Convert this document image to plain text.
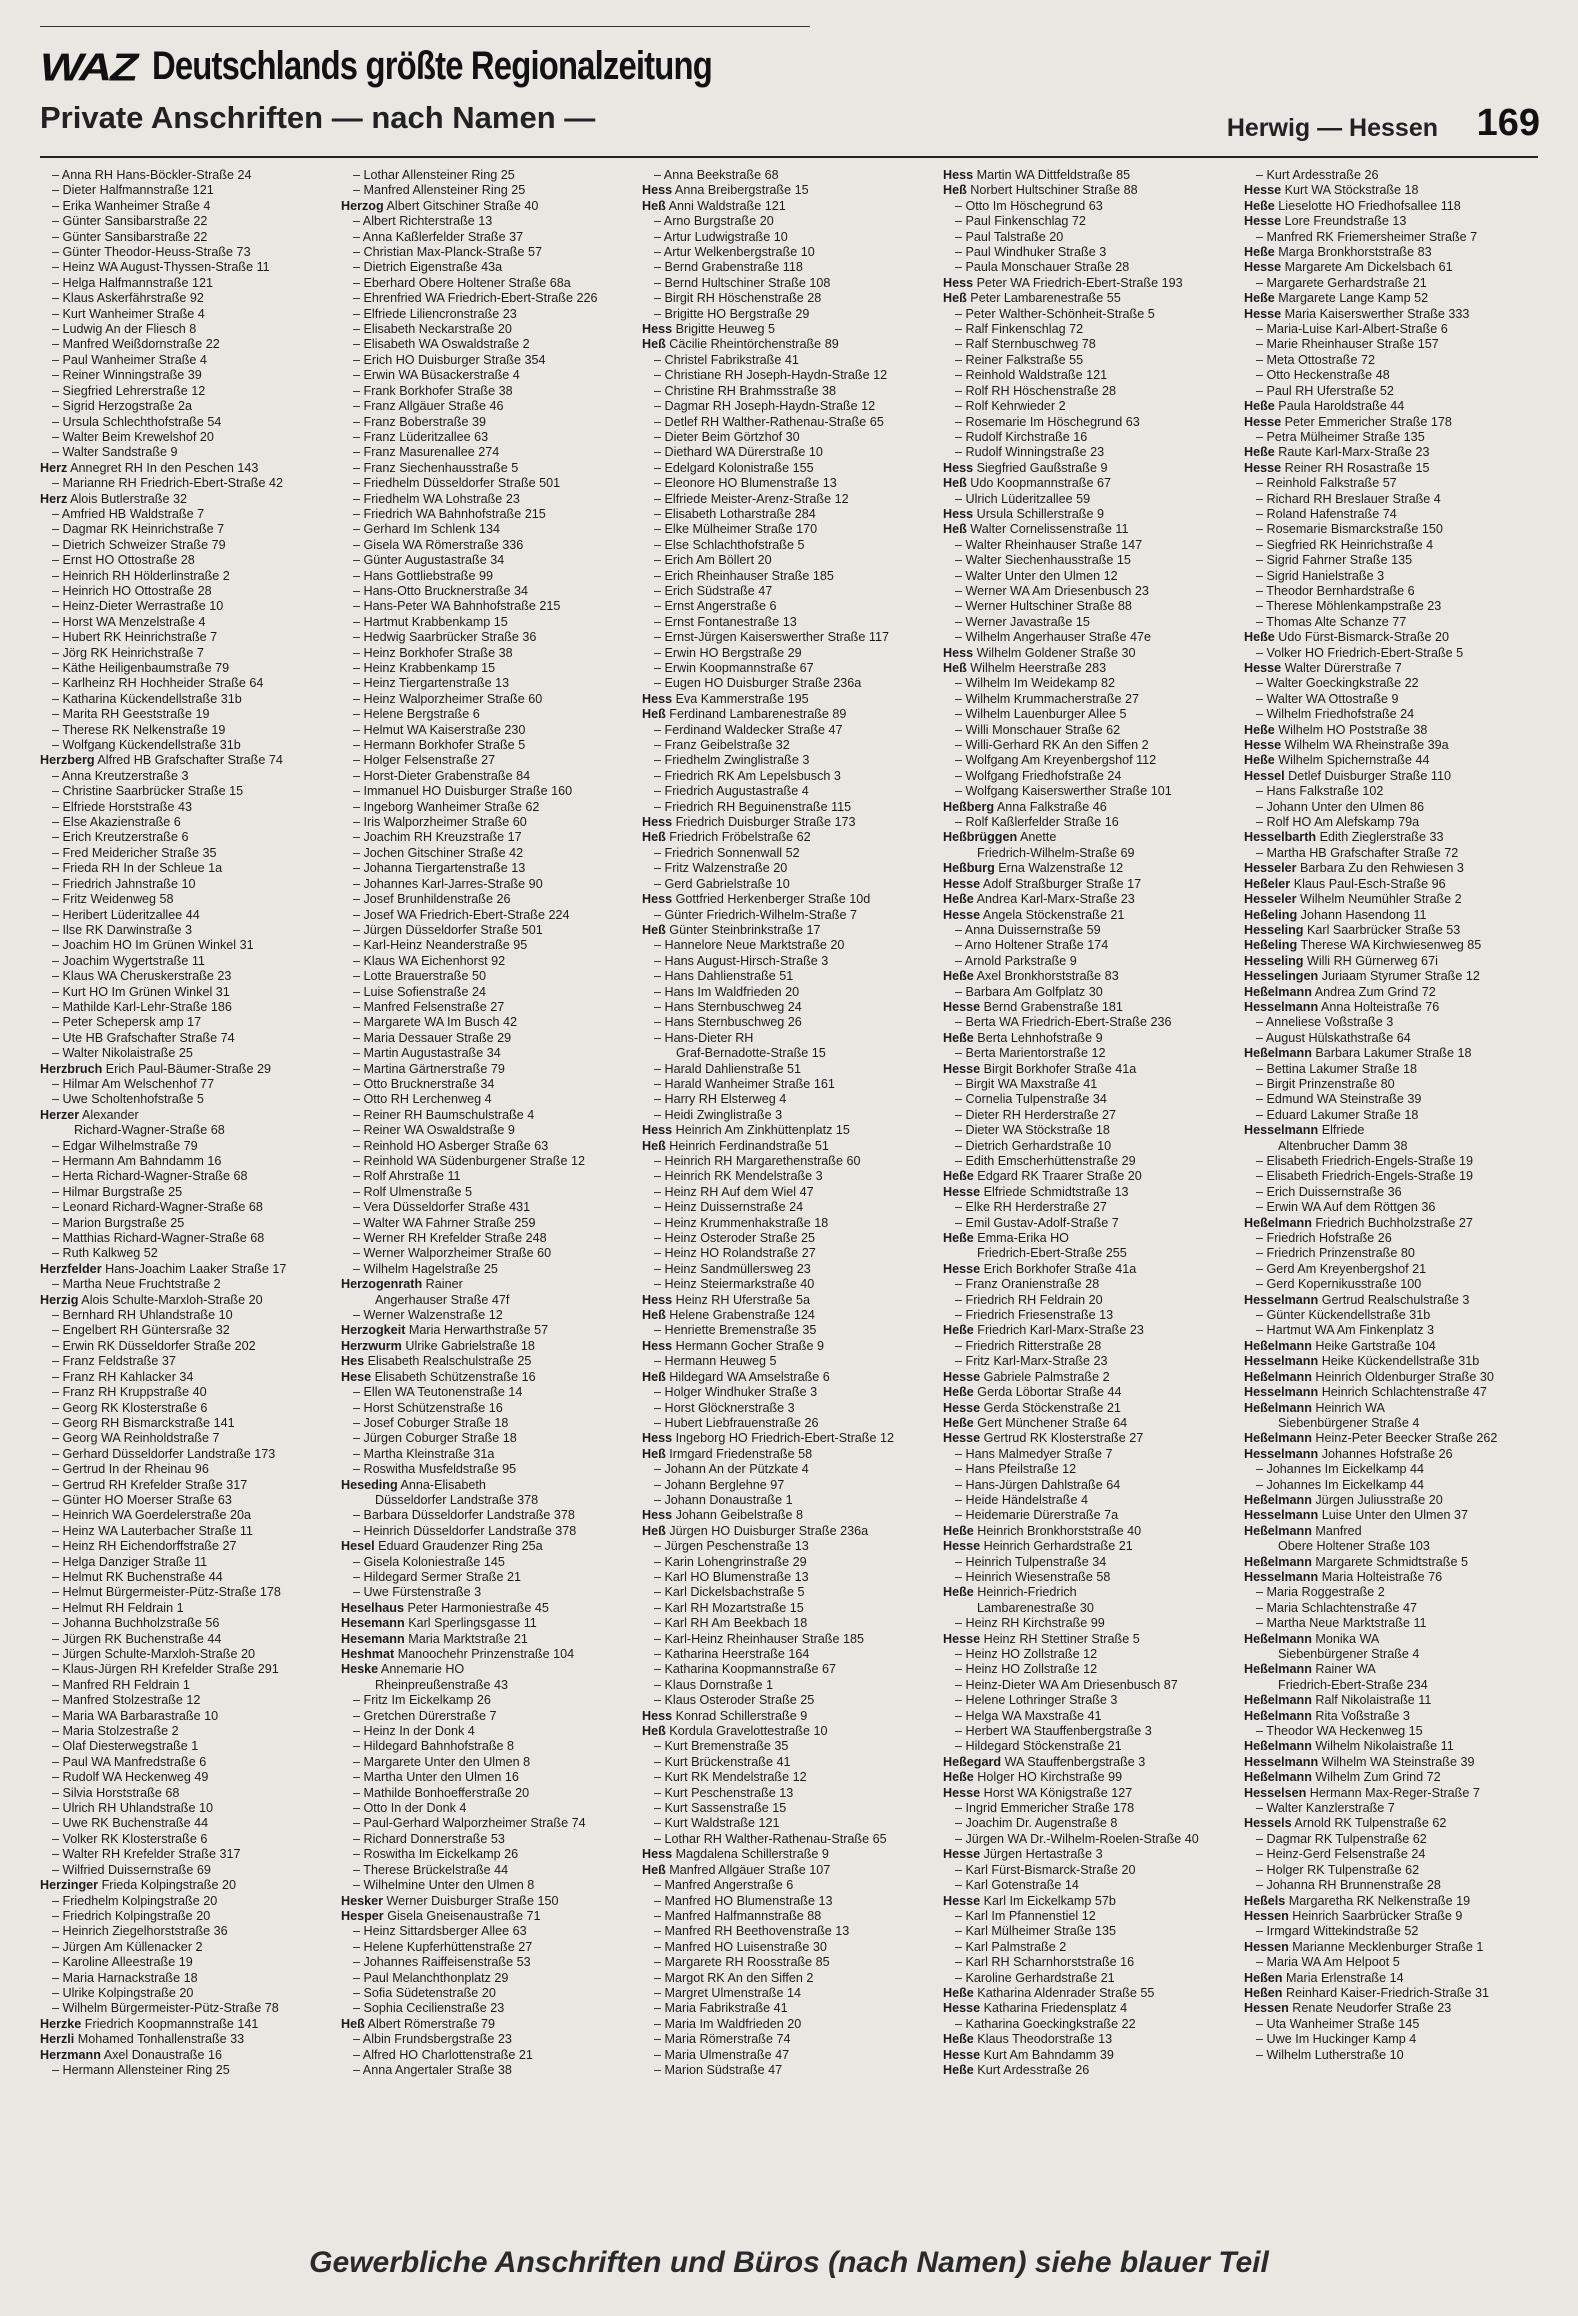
WAZ Deutschlands größte Regionalzeitung
Private Anschriften — nach Namen —	Herwig — Hessen 169
– Anna RH Hans-Böckler-Straße 24
– Dieter Halfmannstraße 121
– Erika Wanheimer Straße 4
– Günter Sansibarstraße 22
– Günter Sansibarstraße 22
– Günter Theodor-Heuss-Straße 73
– Heinz WA August-Thyssen-Straße 11
– Helga Halfmannstraße 121
– Klaus Askerfährstraße 92
– Kurt Wanheimer Straße 4
– Ludwig An der Fliesch 8
– Manfred Weißdornstraße 22
– Paul Wanheimer Straße 4
– Reiner Winningstraße 39
– Siegfried Lehrerstraße 12
– Sigrid Herzogstraße 2a
– Ursula Schlechthofstraße 54
– Walter Beim Krewelshof 20
– Walter Sandstraße 9
Herz Annegret RH In den Peschen 143
– Marianne RH Friedrich-Ebert-Straße 42
Herz Alois Butlerstraße 32
– Amfried HB Waldstraße 7
– Dagmar RK Heinrichstraße 7
– Dietrich Schweizer Straße 79
– Ernst HO Ottostraße 28
– Heinrich RH Hölderlinstraße 2
– Heinrich HO Ottostraße 28
– Heinz-Dieter Werrastraße 10
– Horst WA Menzelstraße 4
– Hubert RK Heinrichstraße 7
– Jörg RK Heinrichstraße 7
– Käthe Heiligenbaumstraße 79
– Karlheinz RH Hochheider Straße 64
– Katharina Kückendellstraße 31b
– Marita RH Geeststraße 19
– Therese RK Nelkenstraße 19
– Wolfgang Kückendellstraße 31b
Herzberg Alfred HB Grafschafter Straße 74
– Anna Kreutzerstraße 3
– Christine Saarbrücker Straße 15
– Elfriede Horststraße 43
– Else Akazienstraße 6
– Erich Kreutzerstraße 6
– Fred Meidericher Straße 35
– Frieda RH In der Schleue 1a
– Friedrich Jahnstraße 10
– Fritz Weidenweg 58
– Heribert Lüderitzallee 44
– Ilse RK Darwinstraße 3
– Joachim HO Im Grünen Winkel 31
– Joachim Wygertstraße 11
– Klaus WA Cheruskerstraße 23
– Kurt HO Im Grünen Winkel 31
– Mathilde Karl-Lehr-Straße 186
– Peter Schepersk amp 17
– Ute HB Grafschafter Straße 74
– Walter Nikolaistraße 25
Herzbruch Erich Paul-Bäumer-Straße 29
– Hilmar Am Welschenhof 77
– Uwe Scholtenhofstraße 5
Herzer Alexander
Richard-Wagner-Straße 68
– Edgar Wilhelmstraße 79
– Hermann Am Bahndamm 16
– Herta Richard-Wagner-Straße 68
– Hilmar Burgstraße 25
– Leonard Richard-Wagner-Straße 68
– Marion Burgstraße 25
– Matthias Richard-Wagner-Straße 68
– Ruth Kalkweg 52
Herzfelder Hans-Joachim Laaker Straße 17
– Martha Neue Fruchtstraße 2
Herzig Alois Schulte-Marxloh-Straße 20
– Bernhard RH Uhlandstraße 10
– Engelbert RH Güntersraße 32
– Erwin RK Düsseldorfer Straße 202
– Franz Feldstraße 37
– Franz RH Kahlacker 34
– Franz RH Kruppstraße 40
– Georg RK Klosterstraße 6
– Georg RH Bismarckstraße 141
– Georg WA Reinholdstraße 7
– Gerhard Düsseldorfer Landstraße 173
– Gertrud In der Rheinau 96
– Gertrud RH Krefelder Straße 317
– Günter HO Moerser Straße 63
– Heinrich WA Goerdelerstraße 20a
– Heinz WA Lauterbacher Straße 11
– Heinz RH Eichendorffstraße 27
– Helga Danziger Straße 11
– Helmut RK Buchenstraße 44
– Helmut Bürgermeister-Pütz-Straße 178
– Helmut RH Feldrain 1
– Johanna Buchholzstraße 56
– Jürgen RK Buchenstraße 44
– Jürgen Schulte-Marxloh-Straße 20
– Klaus-Jürgen RH Krefelder Straße 291
– Manfred RH Feldrain 1
– Manfred Stolzestraße 12
– Maria WA Barbarastraße 10
– Maria Stolzestraße 2
– Olaf Diesterwegstraße 1
– Paul WA Manfredstraße 6
– Rudolf WA Heckenweg 49
– Silvia Horststraße 68
– Ulrich RH Uhlandstraße 10
– Uwe RK Buchenstraße 44
– Volker RK Klosterstraße 6
– Walter RH Krefelder Straße 317
– Wilfried Duissernstraße 69
Herzinger Frieda Kolpingstraße 20
– Friedhelm Kolpingstraße 20
– Friedrich Kolpingstraße 20
– Heinrich Ziegelhorststraße 36
– Jürgen Am Küllenacker 2
– Karoline Alleestraße 19
– Maria Harnackstraße 18
– Ulrike Kolpingstraße 20
– Wilhelm Bürgermeister-Pütz-Straße 78
Herzke Friedrich Koopmannstraße 141
Herzli Mohamed Tonhallenstraße 33
Herzmann Axel Donaustraße 16
– Hermann Allensteiner Ring 25
– Lothar Allensteiner Ring 25
– Manfred Allensteiner Ring 25
Herzog Albert Gitschiner Straße 40
– Albert Richterstraße 13
– Anna Kaßlerfelder Straße 37
– Christian Max-Planck-Straße 57
– Dietrich Eigenstraße 43a
– Eberhard Obere Holtener Straße 68a
– Ehrenfried WA Friedrich-Ebert-Straße 226
– Elfriede Liliencronstraße 23
– Elisabeth Neckarstraße 20
– Elisabeth WA Oswaldstraße 2
– Erich HO Duisburger Straße 354
– Erwin WA Büsackerstraße 4
– Frank Borkhofer Straße 38
– Franz Allgäuer Straße 46
– Franz Boberstraße 39
– Franz Lüderitzallee 63
– Franz Masurenallee 274
– Franz Siechenhausstraße 5
– Friedhelm Düsseldorfer Straße 501
– Friedhelm WA Lohstraße 23
– Friedrich WA Bahnhofstraße 215
– Gerhard Im Schlenk 134
– Gisela WA Römerstraße 336
– Günter Augustastraße 34
– Hans Gottliebstraße 99
– Hans-Otto Brucknerstraße 34
– Hans-Peter WA Bahnhofstraße 215
– Hartmut Krabbenkamp 15
– Hedwig Saarbrücker Straße 36
– Heinz Borkhofer Straße 38
– Heinz Krabbenkamp 15
– Heinz Tiergartenstraße 13
– Heinz Walporzheimer Straße 60
– Helene Bergstraße 6
– Helmut WA Kaiserstraße 230
– Hermann Borkhofer Straße 5
– Holger Felsenstraße 27
– Horst-Dieter Grabenstraße 84
– Immanuel HO Duisburger Straße 160
– Ingeborg Wanheimer Straße 62
– Iris Walporzheimer Straße 60
– Joachim RH Kreuzstraße 17
– Jochen Gitschiner Straße 42
– Johanna Tiergartenstraße 13
– Johannes Karl-Jarres-Straße 90
– Josef Brunhildenstraße 26
– Josef WA Friedrich-Ebert-Straße 224
– Jürgen Düsseldorfer Straße 501
– Karl-Heinz Neanderstraße 95
– Klaus WA Eichenhorst 92
– Lotte Brauerstraße 50
– Luise Sofienstraße 24
– Manfred Felsenstraße 27
– Margarete WA Im Busch 42
– Maria Dessauer Straße 29
– Martin Augustastraße 34
– Martina Gärtnerstraße 79
– Otto Brucknerstraße 34
– Otto RH Lerchenweg 4
– Reiner RH Baumschulstraße 4
– Reiner WA Oswaldstraße 9
– Reinhold HO Asberger Straße 63
– Reinhold WA Südenburgener Straße 12
– Rolf Ahrstraße 11
– Rolf Ulmenstraße 5
– Vera Düsseldorfer Straße 431
– Walter WA Fahrner Straße 259
– Werner RH Krefelder Straße 248
– Werner Walporzheimer Straße 60
– Wilhelm Hagelstraße 25
Herzogenrath Rainer
Angerhauser Straße 47f
– Werner Walzenstraße 12
Herzogkeit Maria Herwarthstraße 57
Herzwurm Ulrike Gabrielstraße 18
Hes Elisabeth Realschulstraße 25
Hese Elisabeth Schützenstraße 16
– Ellen WA Teutonenstraße 14
– Horst Schützenstraße 16
– Josef Coburger Straße 18
– Jürgen Coburger Straße 18
– Martha Kleinstraße 31a
– Roswitha Musfeldstraße 95
Heseding Anna-Elisabeth
Düsseldorfer Landstraße 378
– Barbara Düsseldorfer Landstraße 378
– Heinrich Düsseldorfer Landstraße 378
Hesel Eduard Graudenzer Ring 25a
– Gisela Koloniestraße 145
– Hildegard Sermer Straße 21
– Uwe Fürstenstraße 3
Heselhaus Peter Harmoniestraße 45
Hesemann Karl Sperlingsgasse 11
Hesemann Maria Marktstraße 21
Heshmat Manoochehr Prinzenstraße 104
Heske Annemarie HO
Rheinpreußenstraße 43
– Fritz Im Eickelkamp 26
– Gretchen Dürerstraße 7
– Heinz In der Donk 4
– Hildegard Bahnhofstraße 8
– Margarete Unter den Ulmen 8
– Martha Unter den Ulmen 16
– Mathilde Bonhoefferstraße 20
– Otto In der Donk 4
– Paul-Gerhard Walporzheimer Straße 74
– Richard Donnerstraße 53
– Roswitha Im Eickelkamp 26
– Therese Brückelstraße 44
– Wilhelmine Unter den Ulmen 8
Hesker Werner Duisburger Straße 150
Hesper Gisela Gneisenaustraße 71
– Heinz Sittardsberger Allee 63
– Helene Kupferhüttenstraße 27
– Johannes Raiffeisenstraße 53
– Paul Melanchthonplatz 29
– Sofia Südetenstraße 20
– Sophia Cecilienstraße 23
Heß Albert Römerstraße 79
– Albin Frundsbergstraße 23
– Alfred HO Charlottenstraße 21
– Anna Angertaler Straße 38
– Anna Beekstraße 68
Hess Anna Breibergstraße 15
Heß Anni Waldstraße 121
– Arno Burgstraße 20
– Artur Ludwigstraße 10
– Artur Welkenbergstraße 10
– Bernd Grabenstraße 118
– Bernd Hultschiner Straße 108
– Birgit RH Höschenstraße 28
– Brigitte HO Bergstraße 29
Hess Brigitte Heuweg 5
Heß Cäcilie Rheintörchenstraße 89
– Christel Fabrikstraße 41
– Christiane RH Joseph-Haydn-Straße 12
– Christine RH Brahmsstraße 38
– Dagmar RH Joseph-Haydn-Straße 12
– Detlef RH Walther-Rathenau-Straße 65
– Dieter Beim Görtzhof 30
– Diethard WA Dürerstraße 10
– Edelgard Kolonistraße 155
– Eleonore HO Blumenstraße 13
– Elfriede Meister-Arenz-Straße 12
– Elisabeth Lotharstraße 284
– Elke Mülheimer Straße 170
– Else Schlachthofstraße 5
– Erich Am Böllert 20
– Erich Rheinhauser Straße 185
– Erich Südstraße 47
– Ernst Angerstraße 6
– Ernst Fontanestraße 13
– Ernst-Jürgen Kaiserswerther Straße 117
– Erwin HO Bergstraße 29
– Erwin Koopmannstraße 67
– Eugen HO Duisburger Straße 236a
Hess Eva Kammerstraße 195
Heß Ferdinand Lambarenestraße 89
– Ferdinand Waldecker Straße 47
– Franz Geibelstraße 32
– Friedhelm Zwinglistraße 3
– Friedrich RK Am Lepelsbusch 3
– Friedrich Augustastraße 4
– Friedrich RH Beguinenstraße 115
Hess Friedrich Duisburger Straße 173
Heß Friedrich Fröbelstraße 62
– Friedrich Sonnenwall 52
– Fritz Walzenstraße 20
– Gerd Gabrielstraße 10
Hess Gottfried Herkenberger Straße 10d
– Günter Friedrich-Wilhelm-Straße 7
Heß Günter Steinbrinkstraße 17
– Hannelore Neue Marktstraße 20
– Hans August-Hirsch-Straße 3
– Hans Dahlienstraße 51
– Hans Im Waldfrieden 20
– Hans Sternbuschweg 24
– Hans Sternbuschweg 26
– Hans-Dieter RH
Graf-Bernadotte-Straße 15
– Harald Dahlienstraße 51
– Harald Wanheimer Straße 161
– Harry RH Elsterweg 4
– Heidi Zwinglistraße 3
Hess Heinrich Am Zinkhüttenplatz 15
Heß Heinrich Ferdinandstraße 51
– Heinrich RH Margarethenstraße 60
– Heinrich RK Mendelstraße 3
– Heinz RH Auf dem Wiel 47
– Heinz Duissernstraße 24
– Heinz Krummenhakstraße 18
– Heinz Osteroder Straße 25
– Heinz HO Rolandstraße 27
– Heinz Sandmüllersweg 23
– Heinz Steiermarkstraße 40
Hess Heinz RH Uferstraße 5a
Heß Helene Grabenstraße 124
– Henriette Bremenstraße 35
Hess Hermann Gocher Straße 9
– Hermann Heuweg 5
Heß Hildegard WA Amselstraße 6
– Holger Windhuker Straße 3
– Horst Glöcknerstraße 3
– Hubert Liebfrauenstraße 26
Hess Ingeborg HO Friedrich-Ebert-Straße 12
Heß Irmgard Friedenstraße 58
– Johann An der Pützkate 4
– Johann Berglehne 97
– Johann Donaustraße 1
Hess Johann Geibelstraße 8
Heß Jürgen HO Duisburger Straße 236a
– Jürgen Peschenstraße 13
– Karin Lohengrinstraße 29
– Karl HO Blumenstraße 13
– Karl Dickelsbachstraße 5
– Karl RH Mozartstraße 15
– Karl RH Am Beekbach 18
– Karl-Heinz Rheinhauser Straße 185
– Katharina Heerstraße 164
– Katharina Koopmannstraße 67
– Klaus Dornstraße 1
– Klaus Osteroder Straße 25
Hess Konrad Schillerstraße 9
Heß Kordula Gravelottestraße 10
– Kurt Bremenstraße 35
– Kurt Brückenstraße 41
– Kurt RK Mendelstraße 12
– Kurt Peschenstraße 13
– Kurt Sassenstraße 15
– Kurt Waldstraße 121
– Lothar RH Walther-Rathenau-Straße 65
Hess Magdalena Schillerstraße 9
Heß Manfred Allgäuer Straße 107
– Manfred Angerstraße 6
– Manfred HO Blumenstraße 13
– Manfred Halfmannstraße 88
– Manfred RH Beethovenstraße 13
– Manfred HO Luisenstraße 30
– Margarete RH Roosstraße 85
– Margot RK An den Siffen 2
– Margret Ulmenstraße 14
– Maria Fabrikstraße 41
– Maria Im Waldfrieden 20
– Maria Römerstraße 74
– Maria Ulmenstraße 47
– Marion Südstraße 47
Hess Martin WA Dittfeldstraße 85
Heß Norbert Hultschiner Straße 88
– Otto Im Höschegrund 63
– Paul Finkenschlag 72
– Paul Talstraße 20
– Paul Windhuker Straße 3
– Paula Monschauer Straße 28
Hess Peter WA Friedrich-Ebert-Straße 193
Heß Peter Lambarenestraße 55
– Peter Walther-Schönheit-Straße 5
– Ralf Finkenschlag 72
– Ralf Sternbuschweg 78
– Reiner Falkstraße 55
– Reinhold Waldstraße 121
– Rolf RH Höschenstraße 28
– Rolf Kehrwieder 2
– Rosemarie Im Höschegrund 63
– Rudolf Kirchstraße 16
– Rudolf Winningstraße 23
Hess Siegfried Gaußstraße 9
Heß Udo Koopmannstraße 67
– Ulrich Lüderitzallee 59
Hess Ursula Schillerstraße 9
Heß Walter Cornelissenstraße 11
– Walter Rheinhauser Straße 147
– Walter Siechenhausstraße 15
– Walter Unter den Ulmen 12
– Werner WA Am Driesenbusch 23
– Werner Hultschiner Straße 88
– Werner Javastraße 15
– Wilhelm Angerhauser Straße 47e
Hess Wilhelm Goldener Straße 30
Heß Wilhelm Heerstraße 283
– Wilhelm Im Weidekamp 82
– Wilhelm Krummacherstraße 27
– Wilhelm Lauenburger Allee 5
– Willi Monschauer Straße 62
– Willi-Gerhard RK An den Siffen 2
– Wolfgang Am Kreyenbergshof 112
– Wolfgang Friedhofstraße 24
– Wolfgang Kaiserswerther Straße 101
Heßberg Anna Falkstraße 46
– Rolf Kaßlerfelder Straße 16
Heßbrüggen Anette
Friedrich-Wilhelm-Straße 69
Heßburg Erna Walzenstraße 12
Hesse Adolf Straßburger Straße 17
Heße Andrea Karl-Marx-Straße 23
Hesse Angela Stöckenstraße 21
– Anna Duissernstraße 59
– Arno Holtener Straße 174
– Arnold Parkstraße 9
Heße Axel Bronkhorststraße 83
– Barbara Am Golfplatz 30
Hesse Bernd Grabenstraße 181
– Berta WA Friedrich-Ebert-Straße 236
Heße Berta Lehnhofstraße 9
– Berta Marientorstraße 12
Hesse Birgit Borkhofer Straße 41a
– Birgit WA Maxstraße 41
– Cornelia Tulpenstraße 34
– Dieter RH Herderstraße 27
– Dieter WA Stöckstraße 18
– Dietrich Gerhardstraße 10
– Edith Emscherhüttenstraße 29
Heße Edgard RK Traarer Straße 20
Hesse Elfriede Schmidtstraße 13
– Elke RH Herderstraße 27
– Emil Gustav-Adolf-Straße 7
Heße Emma-Erika HO
Friedrich-Ebert-Straße 255
Hesse Erich Borkhofer Straße 41a
– Franz Oranienstraße 28
– Friedrich RH Feldrain 20
– Friedrich Friesenstraße 13
Heße Friedrich Karl-Marx-Straße 23
– Friedrich Ritterstraße 28
– Fritz Karl-Marx-Straße 23
Hesse Gabriele Palmstraße 2
Heße Gerda Löbortar Straße 44
Hesse Gerda Stöckenstraße 21
Heße Gert Münchener Straße 64
Hesse Gertrud RK Klosterstraße 27
– Hans Malmedyer Straße 7
– Hans Pfeilstraße 12
– Hans-Jürgen Dahlstraße 64
– Heide Händelstraße 4
– Heidemarie Dürerstraße 7a
Heße Heinrich Bronkhorststraße 40
Hesse Heinrich Gerhardstraße 21
– Heinrich Tulpenstraße 34
– Heinrich Wiesenstraße 58
Heße Heinrich-Friedrich
Lambarenestraße 30
– Heinz RH Kirchstraße 99
Hesse Heinz RH Stettiner Straße 5
– Heinz HO Zollstraße 12
– Heinz HO Zollstraße 12
– Heinz-Dieter WA Am Driesenbusch 87
– Helene Lothringer Straße 3
– Helga WA Maxstraße 41
– Herbert WA Stauffenbergstraße 3
– Hildegard Stöckenstraße 21
Heßegard WA Stauffenbergstraße 3
Heße Holger HO Kirchstraße 99
Hesse Horst WA Königstraße 127
– Ingrid Emmericher Straße 178
– Joachim Dr. Augenstraße 8
– Jürgen WA Dr.-Wilhelm-Roelen-Straße 40
Hesse Jürgen Hertastraße 3
– Karl Fürst-Bismarck-Straße 20
– Karl Gotenstraße 14
Hesse Karl Im Eickelkamp 57b
– Karl Im Pfannenstiel 12
– Karl Mülheimer Straße 135
– Karl Palmstraße 2
– Karl RH Scharnhorststraße 16
– Karoline Gerhardstraße 21
Heße Katharina Aldenrader Straße 55
Hesse Katharina Friedensplatz 4
– Katharina Goeckingkstraße 22
Heße Klaus Theodorstraße 13
Hesse Kurt Am Bahndamm 39
Heße Kurt Ardesstraße 26
– Kurt Ardesstraße 26
Hesse Kurt WA Stöckstraße 18
Heße Lieselotte HO Friedhofsallee 118
Hesse Lore Freundstraße 13
– Manfred RK Friemersheimer Straße 7
Heße Marga Bronkhorststraße 83
Hesse Margarete Am Dickelsbach 61
– Margarete Gerhardstraße 21
Heße Margarete Lange Kamp 52
Hesse Maria Kaiserswerther Straße 333
– Maria-Luise Karl-Albert-Straße 6
– Marie Rheinhauser Straße 157
– Meta Ottostraße 72
– Otto Heckenstraße 48
– Paul RH Uferstraße 52
Heße Paula Haroldstraße 44
Hesse Peter Emmericher Straße 178
– Petra Mülheimer Straße 135
Heße Raute Karl-Marx-Straße 23
Hesse Reiner RH Rosastraße 15
– Reinhold Falkstraße 57
– Richard RH Breslauer Straße 4
– Roland Hafenstraße 74
– Rosemarie Bismarckstraße 150
– Siegfried RK Heinrichstraße 4
– Sigrid Fahrner Straße 135
– Sigrid Hanielstraße 3
– Theodor Bernhardstraße 6
– Therese Möhlenkampstraße 23
– Thomas Alte Schanze 77
Heße Udo Fürst-Bismarck-Straße 20
– Volker HO Friedrich-Ebert-Straße 5
Hesse Walter Dürerstraße 7
– Walter Goeckingkstraße 22
– Walter WA Ottostraße 9
– Wilhelm Friedhofstraße 24
Heße Wilhelm HO Poststraße 38
Hesse Wilhelm WA Rheinstraße 39a
Heße Wilhelm Spichernstraße 44
Hessel Detlef Duisburger Straße 110
– Hans Falkstraße 102
– Johann Unter den Ulmen 86
– Rolf HO Am Alefskamp 79a
Hesselbarth Edith Zieglerstraße 33
– Martha HB Grafschafter Straße 72
Hesseler Barbara Zu den Rehwiesen 3
Heßeler Klaus Paul-Esch-Straße 96
Hesseler Wilhelm Neumühler Straße 2
Heßeling Johann Hasendong 11
Hesseling Karl Saarbrücker Straße 53
Heßeling Therese WA Kirchwiesenweg 85
Hesseling Willi RH Gürnerweg 67i
Hesselingen Juriaam Styrumer Straße 12
Heßelmann Andrea Zum Grind 72
Hesselmann Anna Holteistraße 76
– Anneliese Voßstraße 3
– August Hülskathstraße 64
Heßelmann Barbara Lakumer Straße 18
– Bettina Lakumer Straße 18
– Birgit Prinzenstraße 80
– Edmund WA Steinstraße 39
– Eduard Lakumer Straße 18
Hesselmann Elfriede
Altenbrucher Damm 38
– Elisabeth Friedrich-Engels-Straße 19
– Elisabeth Friedrich-Engels-Straße 19
– Erich Duissernstraße 36
– Erwin WA Auf dem Röttgen 36
Heßelmann Friedrich Buchholzstraße 27
– Friedrich Hofstraße 26
– Friedrich Prinzenstraße 80
– Gerd Am Kreyenbergshof 21
– Gerd Kopernikusstraße 100
Hesselmann Gertrud Realschulstraße 3
– Günter Kückendellstraße 31b
– Hartmut WA Am Finkenplatz 3
Heßelmann Heike Gartstraße 104
Hesselmann Heike Kückendellstraße 31b
Heßelmann Heinrich Oldenburger Straße 30
Hesselmann Heinrich Schlachtenstraße 47
Heßelmann Heinrich WA
Siebenbürgener Straße 4
Heßelmann Heinz-Peter Beecker Straße 262
Hesselmann Johannes Hofstraße 26
– Johannes Im Eickelkamp 44
– Johannes Im Eickelkamp 44
Heßelmann Jürgen Juliusstraße 20
Hesselmann Luise Unter den Ulmen 37
Heßelmann Manfred
Obere Holtener Straße 103
Heßelmann Margarete Schmidtstraße 5
Hesselmann Maria Holteistraße 76
– Maria Roggestraße 2
– Maria Schlachtenstraße 47
– Martha Neue Marktstraße 11
Heßelmann Monika WA
Siebenbürgener Straße 4
Heßelmann Rainer WA
Friedrich-Ebert-Straße 234
Heßelmann Ralf Nikolaistraße 11
Heßelmann Rita Voßstraße 3
– Theodor WA Heckenweg 15
Heßelmann Wilhelm Nikolaistraße 11
Hesselmann Wilhelm WA Steinstraße 39
Heßelmann Wilhelm Zum Grind 72
Hesselsen Hermann Max-Reger-Straße 7
– Walter Kanzlerstraße 7
Hessels Arnold RK Tulpenstraße 62
– Dagmar RK Tulpenstraße 62
– Heinz-Gerd Felsenstraße 24
– Holger RK Tulpenstraße 62
– Johanna RH Brunnenstraße 28
Heßels Margaretha RK Nelkenstraße 19
Hessen Heinrich Saarbrücker Straße 9
– Irmgard Wittekindstraße 52
Hessen Marianne Mecklenburger Straße 1
– Maria WA Am Helpoot 5
Heßen Maria Erlenstraße 14
Heßen Reinhard Kaiser-Friedrich-Straße 31
Hessen Renate Neudorfer Straße 23
– Uta Wanheimer Straße 145
– Uwe Im Huckinger Kamp 4
– Wilhelm Lutherstraße 10
Gewerbliche Anschriften und Büros (nach Namen) siehe blauer Teil
